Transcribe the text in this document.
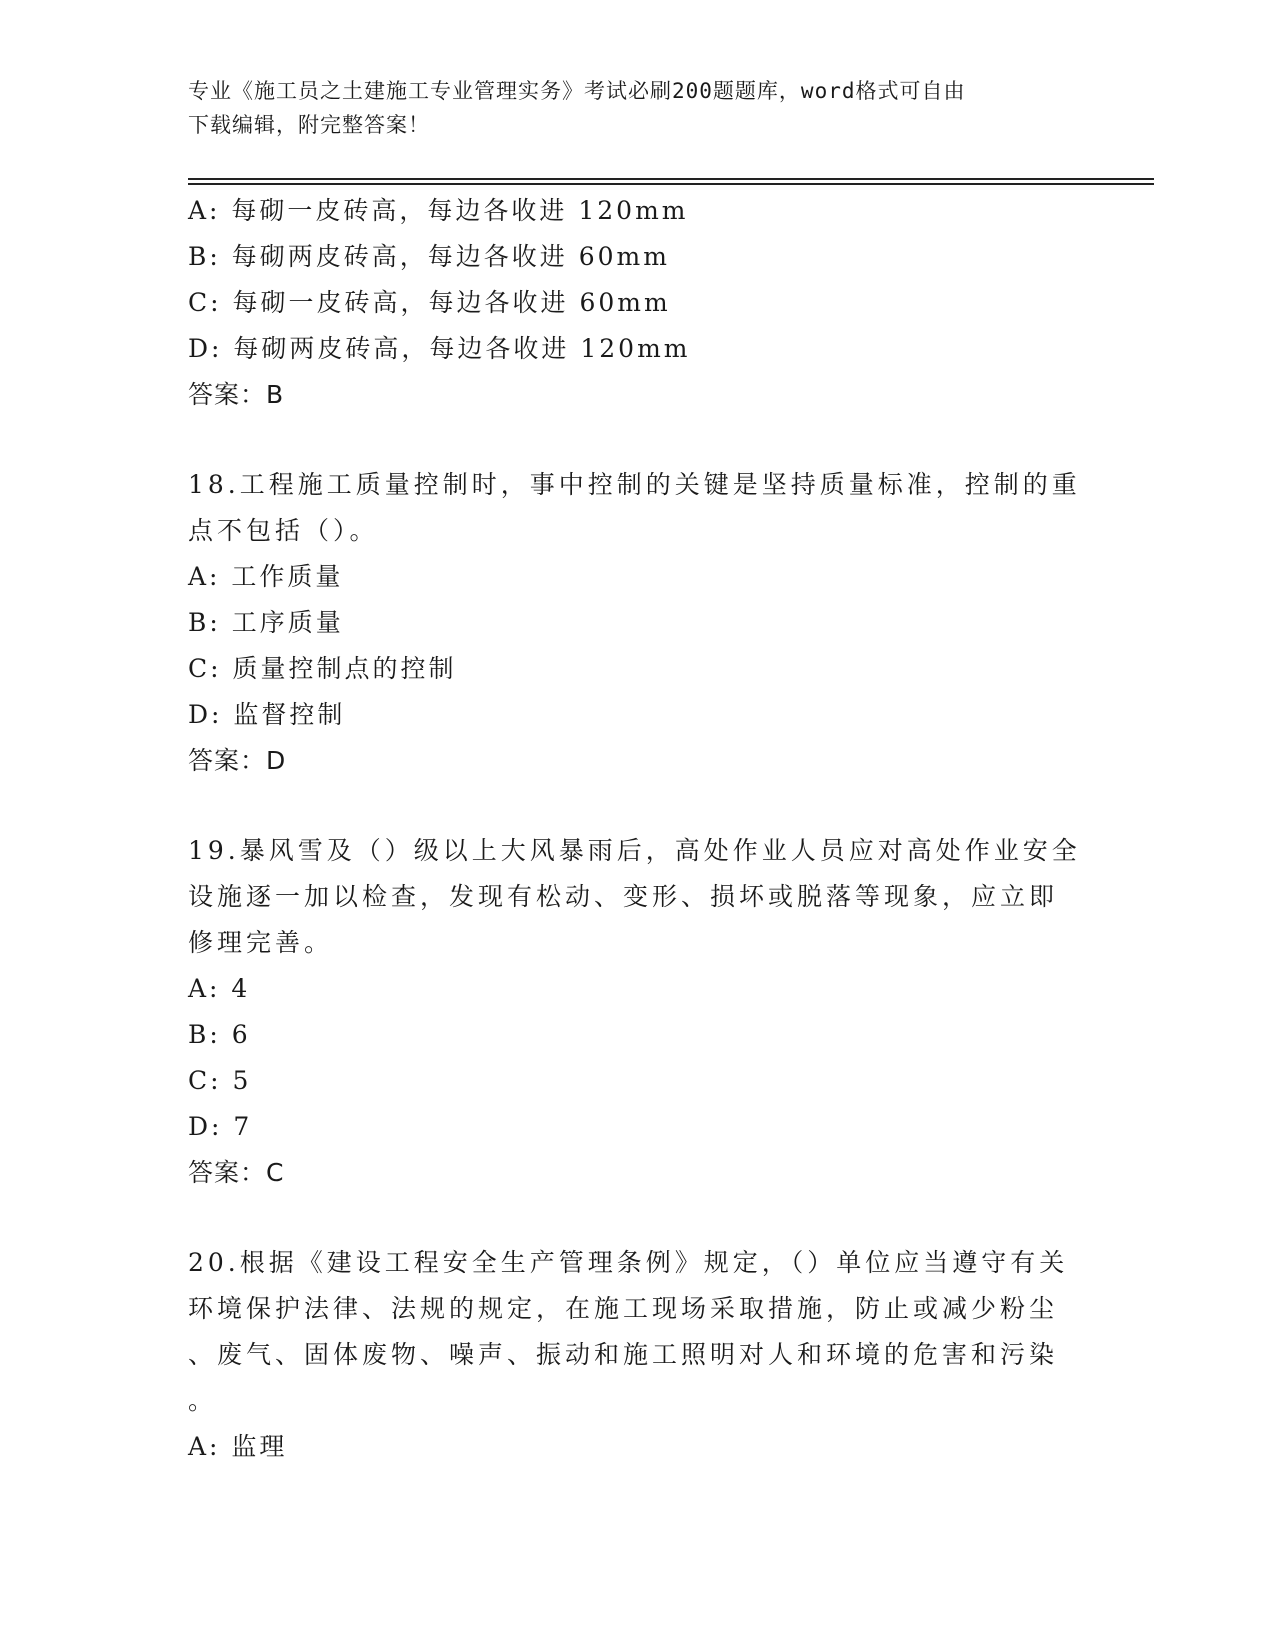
专业《施工员之土建施工专业管理实务》考试必刷200题题库，word格式可自由
下载编辑，附完整答案！
A: 每砌一皮砖高，每边各收进 120mm
B: 每砌两皮砖高，每边各收进 60mm
C: 每砌一皮砖高，每边各收进 60mm
D: 每砌两皮砖高，每边各收进 120mm
答案：B
18.工程施工质量控制时，事中控制的关键是坚持质量标准，控制的重
点不包括（）。
A: 工作质量
B: 工序质量
C: 质量控制点的控制
D: 监督控制
答案：D
19.暴风雪及（）级以上大风暴雨后，高处作业人员应对高处作业安全
设施逐一加以检查，发现有松动、变形、损坏或脱落等现象，应立即
修理完善。
A: 4
B: 6
C: 5
D: 7
答案：C
20.根据《建设工程安全生产管理条例》规定，（）单位应当遵守有关
环境保护法律、法规的规定，在施工现场采取措施，防止或减少粉尘
、废气、固体废物、噪声、振动和施工照明对人和环境的危害和污染
。
A: 监理
